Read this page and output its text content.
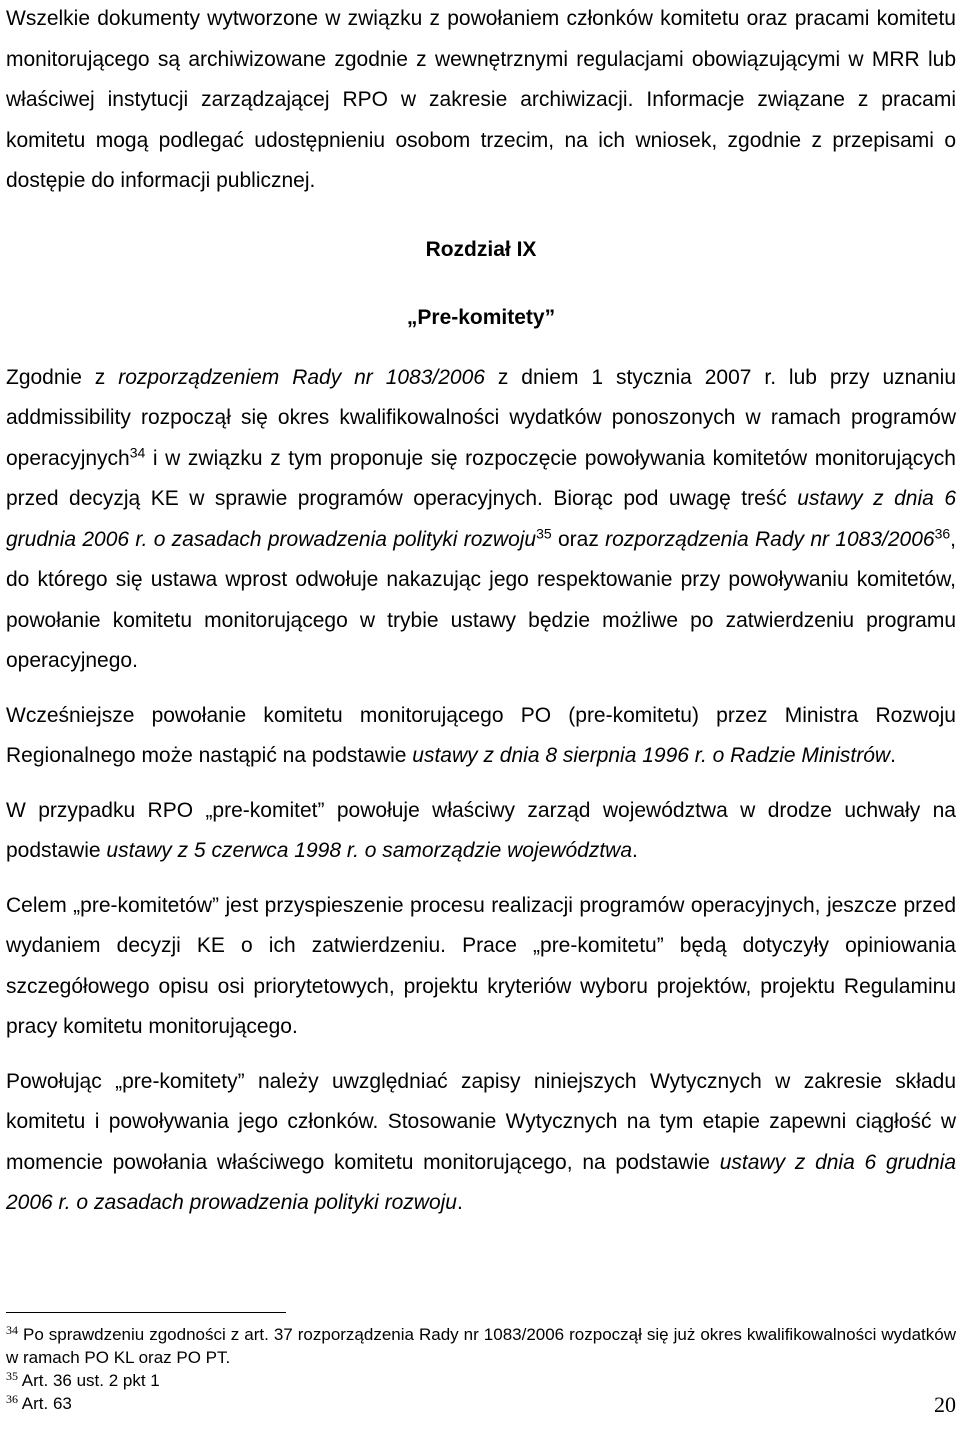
Wszelkie dokumenty wytworzone w związku z powołaniem członków komitetu oraz pracami komitetu monitorującego są archiwizowane zgodnie z wewnętrznymi regulacjami obowiązującymi w MRR lub właściwej instytucji zarządzającej RPO w zakresie archiwizacji. Informacje związane z pracami komitetu mogą podlegać udostępnieniu osobom trzecim, na ich wniosek, zgodnie z przepisami o dostępie do informacji publicznej.

Rozdział IX

„Pre-komitety”

Zgodnie z rozporządzeniem Rady nr 1083/2006 z dniem 1 stycznia 2007 r. lub przy uznaniu addmissibility rozpoczął się okres kwalifikowalności wydatków ponoszonych w ramach programów operacyjnych$^{34}$ i w związku z tym proponuje się rozpoczęcie powoływania komitetów monitorujących przed decyzją KE w sprawie programów operacyjnych. Biorąc pod uwagę treść ustawy z dnia 6 grudnia 2006 r. o zasadach prowadzenia polityki rozwoju$^{35}$ oraz rozporządzenia Rady nr 1083/2006$^{36}$, do którego się ustawa wprost odwołuje nakazując jego respektowanie przy powoływaniu komitetów, powołanie komitetu monitorującego w trybie ustawy będzie możliwe po zatwierdzeniu programu operacyjnego.

Wcześniejsze powołanie komitetu monitorującego PO (pre-komitetu) przez Ministra Rozwoju Regionalnego może nastąpić na podstawie ustawy z dnia 8 sierpnia 1996 r. o Radzie Ministrów.

W przypadku RPO „pre-komitet” powołuje właściwy zarząd województwa w drodze uchwały na podstawie ustawy z 5 czerwca 1998 r. o samorządzie województwa.

Celem „pre-komitetów” jest przyspieszenie procesu realizacji programów operacyjnych, jeszcze przed wydaniem decyzji KE o ich zatwierdzeniu. Prace „pre-komitetu” będą dotyczyły opiniowania szczegółowego opisu osi priorytetowych, projektu kryteriów wyboru projektów, projektu Regulaminu pracy komitetu monitorującego.

Powołując „pre-komitety” należy uwzględniać zapisy niniejszych Wytycznych w zakresie składu komitetu i powoływania jego członków. Stosowanie Wytycznych na tym etapie zapewni ciągłość w momencie powołania właściwego komitetu monitorującego, na podstawie ustawy z dnia 6 grudnia 2006 r. o zasadach prowadzenia polityki rozwoju.

$^{34}$ Po sprawdzeniu zgodności z art. 37 rozporządzenia Rady nr 1083/2006 rozpoczął się już okres kwalifikowalności wydatków w ramach PO KL oraz PO PT.

$^{35}$ Art. 36 ust. 2 pkt 1

$^{36}$ Art. 63	20
